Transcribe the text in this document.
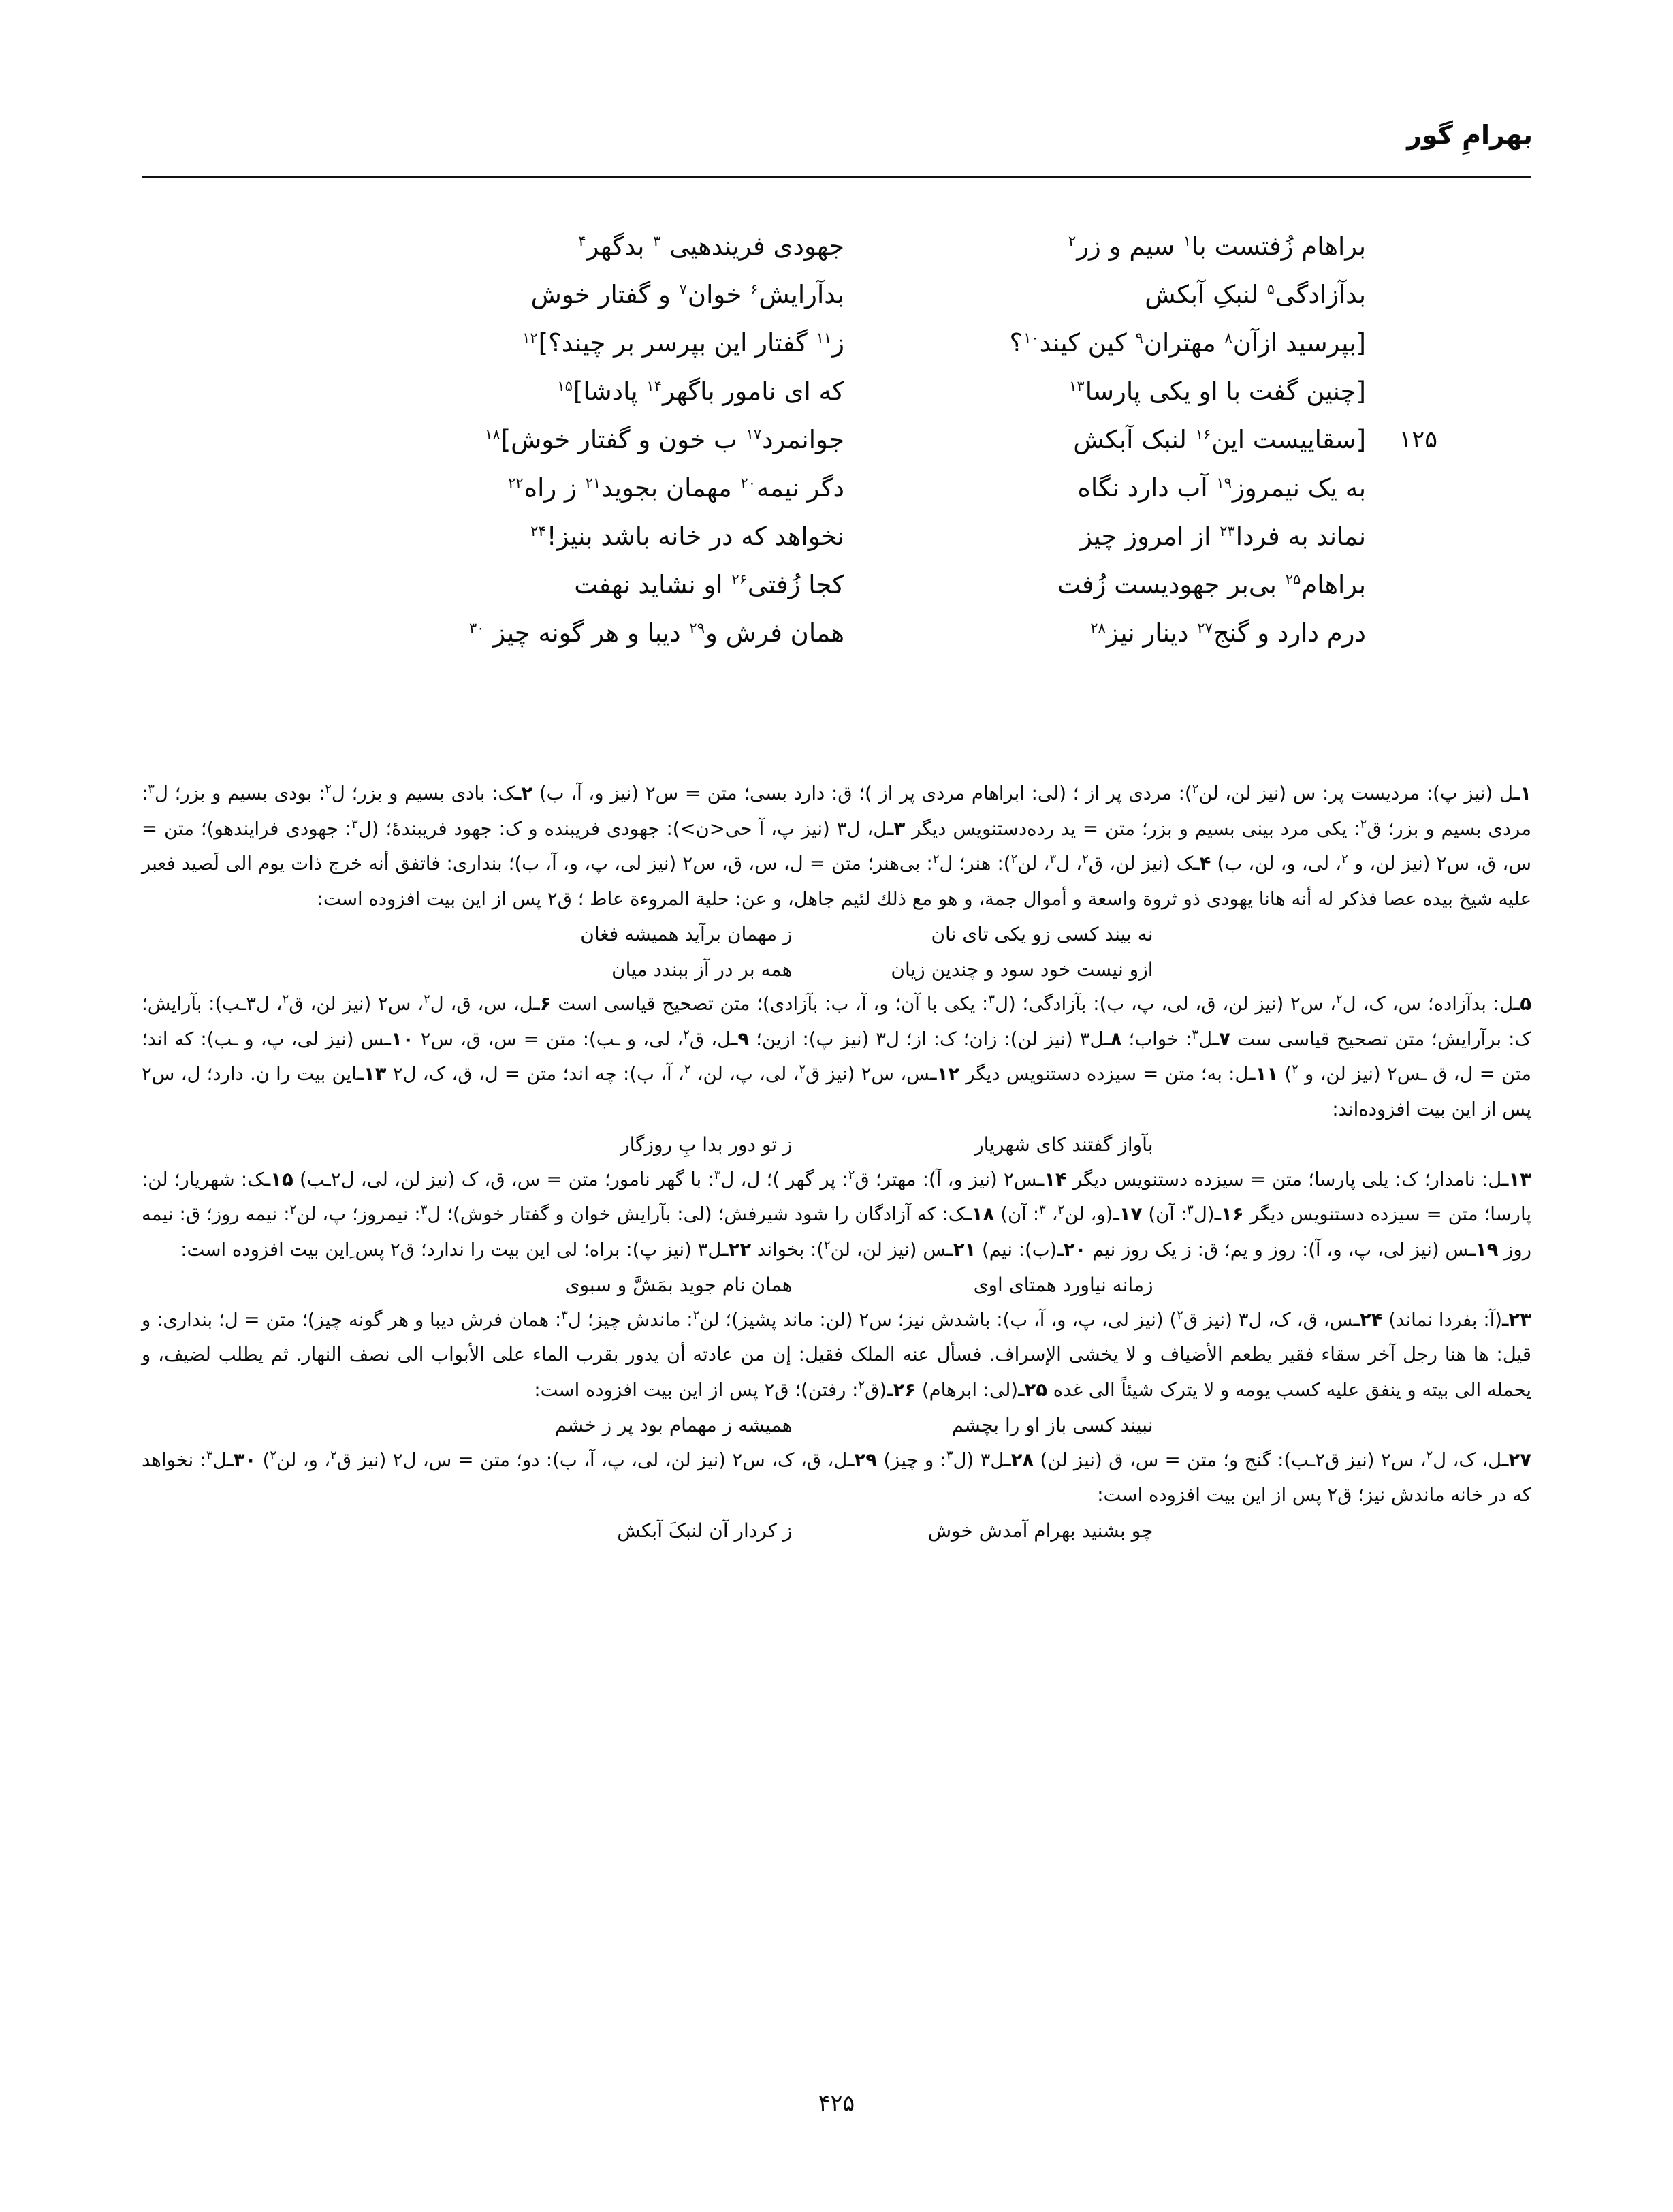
بهرامِ گور
براهام زُفتست با$^١$ سیم و زر$^٢$
جهودی فریندهیی $^٣$ بدگهر$^۴$
بدآزادگی$^۵$ لنبکِ آبکش
بدآرایش$^۶$ خوان$^٧$ و گفتار خوش
[بپرسید ازآن$^٨$ مهتران$^٩$ کین کیند$^{١٠}$؟
ز$^{١١}$ گفتار این بپرسر بر چیند؟]$^{١٢}$
[چنین گفت با او یکی پارسا$^{١٣}$
که ای نامور باگهر$^{١۴}$ پادشا]$^{١۵}$
۱۲۵
[سقاییست این$^{١۶}$ لنبک آبکش
جوانمرد$^{١٧}$ ب خون و گفتار خوش]$^{١٨}$
به یک نیمروز$^{١٩}$ آب دارد نگاه
دگر نیمه$^{٢٠}$ مهمان بجوید$^{٢١}$ ز راه$^{٢٢}$
نماند به فردا$^{٢٣}$ از امروز چیز
نخواهد که در خانه باشد بنیز!$^{٢۴}$
براهام$^{٢۵}$ بی‌بر جهودیست زُفت
کجا زُفتی$^{٢۶}$ او نشاید نهفت
درم دارد و گنج$^{٢٧}$ دینار نیز$^{٢٨}$
همان فرش و$^{٢٩}$ دیبا و هر گونه چیز $^{٣٠}$
١ـل (نیز پ): مردیست پر: س (نیز لن، لن$^٢$): مردی پر از ؛ (لی: ابراهام مردی پر از )؛ ق: دارد بسی؛ متن = س٢ (نیز و، آ، ب) ٢ـک: بادی بسیم و بزر؛ ل$^٢$: بودی بسیم و بزر؛ ل$^٣$: مردی بسیم و بزر؛ ق$^٢$: یکی مرد بینی بسیم و بزر؛ متن = ید رده‌دستنویس دیگر ٣ـل، ل٣ (نیز پ، آ حی<ن>): جهودی فریبنده و ک: جهود فریبندهٔ؛ (ل$^٣$: جهودی فرایندهو)؛ متن = س، ق، س٢ (نیز لن، و $^٢$، لی، و، لن، ب) ۴ـک (نیز لن، ق$^٢$، ل$^٣$، لن$^٢$): هنر؛ ل$^٢$: بی‌هنر؛ متن = ل، س، ق، س٢ (نیز لی، پ، و، آ، ب)؛ بنداری: فاتفق أنه خرج ذات یوم الی لَصید فعبر علیه شیخ بیده عصا فذکر له أنه هانا یهودی ذو ثروة واسعة و أموال جمة، و هو مع ذلك لئیم جاهل، و عن: حلیة المروءة عاط ؛ ق٢ پس از این بیت افزوده است:
نه بیند کسی زو یکی تای نان
ز مهمان برآید همیشه فغان
ازو نیست خود سود و چندین زیان
همه بر در آز ببندد میان
۵ـل: بدآزاده؛ س، ک، ل$^٢$، س٢ (نیز لن، ق، لی، پ، ب): بآزادگی؛ (ل$^٣$: یکی با آن؛ و، آ، ب: بآزادی)؛ متن تصحیح قیاسی است ۶ـل، س، ق، ل$^٢$، س٢ (نیز لن، ق$^٢$، ل٣ـب): بآرایش؛ ک: برآرایش؛ متن تصحیح قیاسی ست ٧ـل$^٣$: خواب؛ ٨ـل٣ (نیز لن): زان؛ ک: از؛ ل٣ (نیز پ): ازین؛ ٩ـل، ق$^٢$، لی، و ـب): متن = س، ق، س٢ ١٠ـس (نیز لی، پ، و ـب): که اند؛ متن = ل، ق ـس٢ (نیز لن، و $^٢$) ١١ـل: به؛ متن = سیزده دستنویس دیگر ١٢ـس، س٢ (نیز ق$^٢$، لی، پ، لن، $^٢$، آ، ب): چه اند؛ متن = ل، ق، ک، ل٢ ١٣ـاین بیت را ن. دارد؛ ل، س٢ پس از این بیت افزوده‌اند:
بآواز گفتند کای شهریار
ز تو دور بدا بِ روزگار
١٣ـل: نامدار؛ ک: یلی پارسا؛ متن = سیزده دستنویس دیگر ١۴ـس٢ (نیز و، آ): مهتر؛ ق$^٢$: پر گهر )؛ ل، ل$^٣$: با گهر نامور؛ متن = س، ق، ک (نیز لن، لی، ل٢ـب) ١۵ـک: شهریار؛ لن: پارسا؛ متن = سیزده دستنویس دیگر ١۶ـ(ل$^٣$: آن) ١٧ـ(و، لن$^٢$، $^٣$: آن) ١٨ـک: که آزادگان را شود شیرفش؛ (لی: بآرایش خوان و گفتار خوش)؛ ل$^٣$: نیمروز؛ پ، لن$^٢$: نیمه روز؛ ق: نیمه روز ١٩ـس (نیز لی، پ، و، آ): روز و یم؛ ق: ز یک روز نیم ٢٠ـ(ب): نیم) ٢١ـس (نیز لن، لن$^٢$): بخواند ٢٢ـل٣ (نیز پ): براه؛ لی این بیت را ندارد؛ ق٢ پس ِاین بیت افزوده است:
زمانه نیاورد همتای اوی
همان نام جوید بمَشَّ و سبوی
٢٣ـ(آ: بفردا نماند) ٢۴ـس، ق، ک، ل٣ (نیز ق$^٢$) (نیز لی، پ، و، آ، ب): باشدش نیز؛ س٢ (لن: ماند پشیز)؛ لن$^٢$: ماندش چیز؛ ل$^٣$: همان فرش دیبا و هر گونه چیز)؛ متن = ل؛ بنداری: و قیل: ها هنا رجل آخر سقاء فقیر یطعم الأضیاف و لا یخشی الإسراف. فسأل عنه الملک فقیل: إن من عادته أن یدور بقرب الماء علی الأبواب الی نصف النهار. ثم یطلب لضیف، و یحمله الی بیته و ینفق علیه کسب یومه و لا یترک شیئاً الی غده ٢۵ـ(لی: ابرهام) ٢۶ـ(ق$^٢$: رفتن)؛ ق٢ پس از این بیت افزوده است:
نبیند کسی باز او را بچشم
همیشه ز مهمام بود پر ز خشم
٢٧ـل، ک، ل$^٢$، س٢ (نیز ق٢ـب): گنج و؛ متن = س، ق (نیز لن) ٢٨ـل٣ (ل$^٣$: و چیز) ٢٩ـل، ق، ک، س٢ (نیز لن، لی، پ، آ، ب): دو؛ متن = س، ل٢ (نیز ق$^٢$، و، لن$^٢$) ٣٠ـل$^٣$: نخواهد که در خانه ماندش نیز؛ ق٢ پس از این بیت افزوده است:
چو بشنید بهرام آمدش خوش
ز کردار آن لنبکَ آبکش
۴۲۵
